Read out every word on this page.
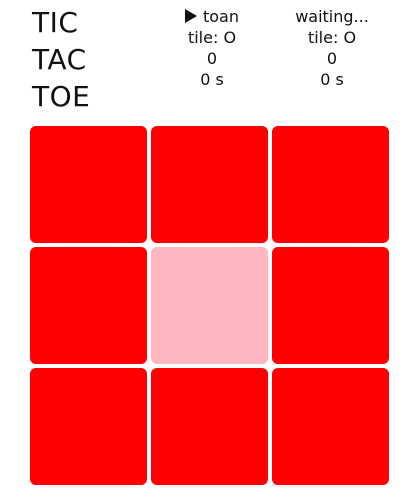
TIC
TAC
TOE
toan
tile: O
0
0 s
waiting...
tile: O
0
0 s
